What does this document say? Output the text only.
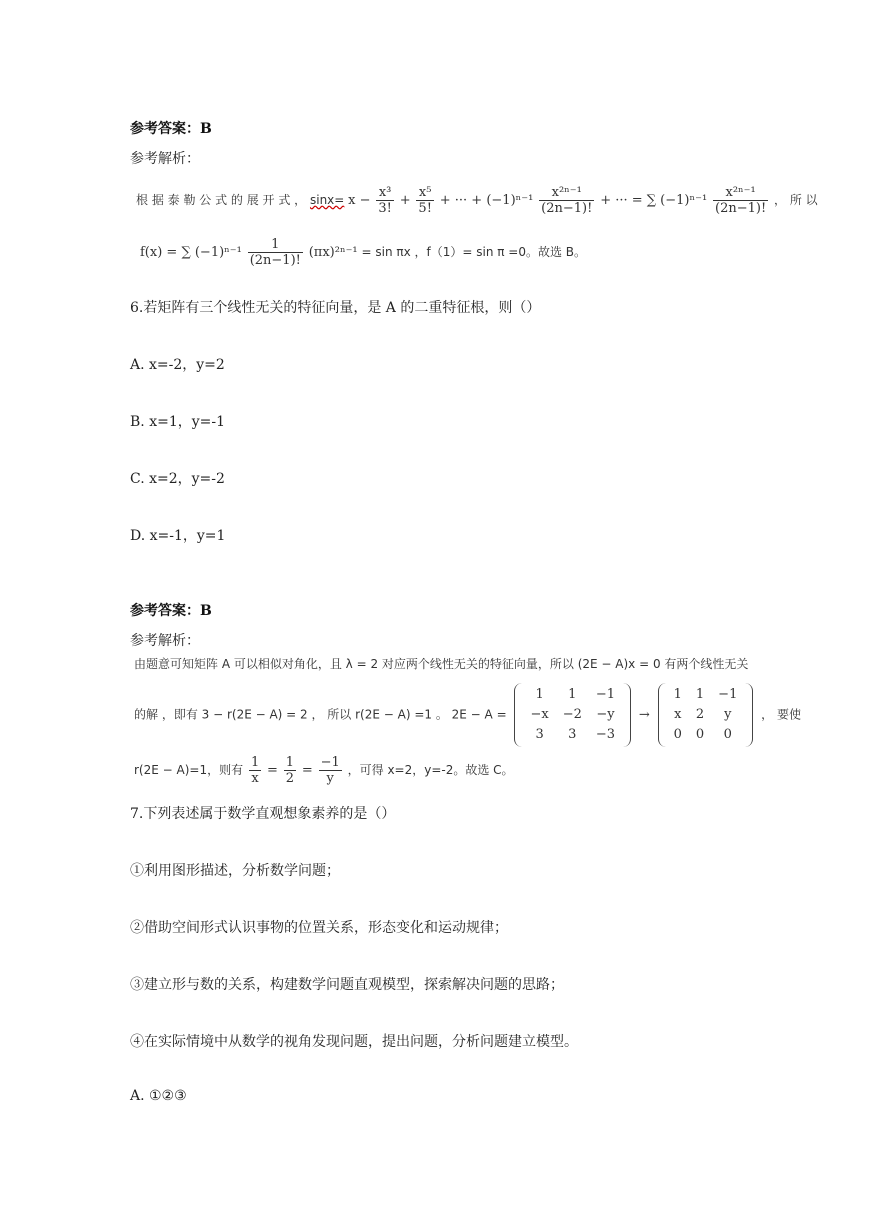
参考答案：B
参考解析：
根 据 泰 勒 公 式 的 展 开 式 ， $\sin x= x - \frac{\text{x³}}{3!} + \frac{\text{x⁵}}{5!}$ + ··· + $(-1)^{n-1} \frac{\text{x²ⁿ⁻¹}}{(2n-1)!}$ + ··· = ∑ $(-1)^{n-1} \frac{\text{x²ⁿ⁻¹}}{(2n-1)!}$ ， 所 以
f(x) = ∑ $(-1)^{n-1} \frac{1}{(2n-1)!} (\pi x)^{2n-1} = \sin \pi x$ ，f（1）= sin π =0。故选 B。
6.若矩阵有三个线性无关的特征向量，是 A 的二重特征根，则（）
A. x=-2，y=2
B. x=1，y=-1
C. x=2，y=-2
D. x=-1，y=1
参考答案：B
参考解析：
由题意可知矩阵 A 可以相似对角化，且 λ = 2 对应两个线性无关的特征向量，所以 (2E − A)x = 0 有两个线性无关
的解 ，即有 3 − r(2E − A) = 2 ， 所以 r(2E − A) =1 。 2E − A =
1	1	−1
−x	−2	−y
3	3	−3
→
1	1	−1
x	2	y
0	0	0
， 要使
r(2E − A)=1，则有 $\frac{1}{x} = \frac{1}{2} = \frac{-1}{y}$ ，可得 x=2，y=-2。故选 C。
7.下列表述属于数学直观想象素养的是（）
①利用图形描述，分析数学问题；
②借助空间形式认识事物的位置关系，形态变化和运动规律；
③建立形与数的关系，构建数学问题直观模型，探索解决问题的思路；
④在实际情境中从数学的视角发现问题，提出问题，分析问题建立模型。
A. ①②③
